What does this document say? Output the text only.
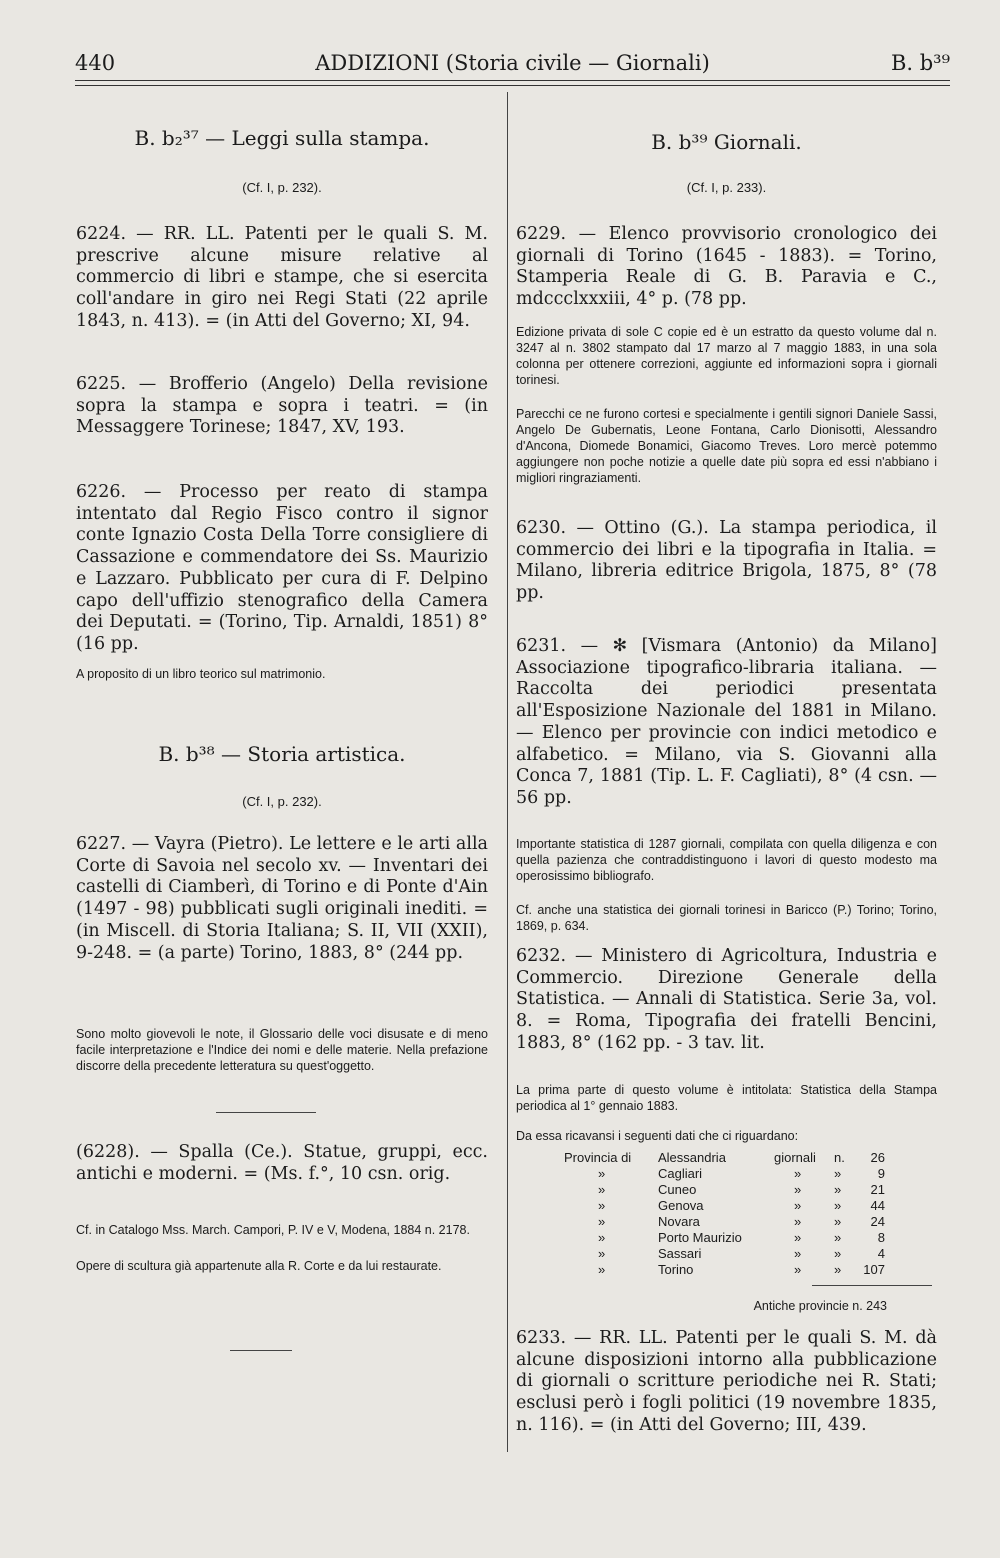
440	ADDIZIONI (Storia civile — Giornali)	B. b³⁹
B. b₂³⁷ — Leggi sulla stampa.
(Cf. I, p. 232).
6224. — RR. LL. Patenti per le quali S. M. prescrive alcune misure relative al commercio di libri e stampe, che si esercita coll'andare in giro nei Regi Stati (22 aprile 1843, n. 413). = (in Atti del Governo; XI, 94.
6225. — Brofferio (Angelo) Della revisione sopra la stampa e sopra i teatri. = (in Messaggere Torinese; 1847, XV, 193.
6226. — Processo per reato di stampa intentato dal Regio Fisco contro il signor conte Ignazio Costa Della Torre consigliere di Cassazione e commendatore dei Ss. Maurizio e Lazzaro. Pubblicato per cura di F. Delpino capo dell'uffizio stenografico della Camera dei Deputati. = (Torino, Tip. Arnaldi, 1851) 8° (16 pp.
A proposito di un libro teorico sul matrimonio.
B. b³⁸ — Storia artistica.
(Cf. I, p. 232).
6227. — Vayra (Pietro). Le lettere e le arti alla Corte di Savoia nel secolo xv. — Inventari dei castelli di Ciamberì, di Torino e di Ponte d'Ain (1497 - 98) pubblicati sugli originali inediti. = (in Miscell. di Storia Italiana; S. II, VII (XXII), 9-248. = (a parte) Torino, 1883, 8° (244 pp.
Sono molto giovevoli le note, il Glossario delle voci disusate e di meno facile interpretazione e l'Indice dei nomi e delle materie. Nella prefazione discorre della precedente letteratura su quest'oggetto.
(6228). — Spalla (Ce.). Statue, gruppi, ecc. antichi e moderni. = (Ms. f.°, 10 csn. orig.
Cf. in Catalogo Mss. March. Campori, P. IV e V, Modena, 1884 n. 2178.
Opere di scultura già appartenute alla R. Corte e da lui restaurate.
B. b³⁹ Giornali.
(Cf. I, p. 233).
6229. — Elenco provvisorio cronologico dei giornali di Torino (1645 - 1883). = Torino, Stamperia Reale di G. B. Paravia e C., mdccclxxxiii, 4° p. (78 pp.
Edizione privata di sole C copie ed è un estratto da questo volume dal n. 3247 al n. 3802 stampato dal 17 marzo al 7 maggio 1883, in una sola colonna per ottenere correzioni, aggiunte ed informazioni sopra i giornali torinesi.
Parecchi ce ne furono cortesi e specialmente i gentili signori Daniele Sassi, Angelo De Gubernatis, Leone Fontana, Carlo Dionisotti, Alessandro d'Ancona, Diomede Bonamici, Giacomo Treves. Loro mercè potemmo aggiungere non poche notizie a quelle date più sopra ed essi n'abbiano i migliori ringraziamenti.
6230. — Ottino (G.). La stampa periodica, il commercio dei libri e la tipografia in Italia. = Milano, libreria editrice Brigola, 1875, 8° (78 pp.
6231. — ✻ [Vismara (Antonio) da Milano] Associazione tipografico-libraria italiana. — Raccolta dei periodici presentata all'Esposizione Nazionale del 1881 in Milano. — Elenco per provincie con indici metodico e alfabetico. = Milano, via S. Giovanni alla Conca 7, 1881 (Tip. L. F. Cagliati), 8° (4 csn. — 56 pp.
Importante statistica di 1287 giornali, compilata con quella diligenza e con quella pazienza che contraddistinguono i lavori di questo modesto ma operosissimo bibliografo.
Cf. anche una statistica dei giornali torinesi in Baricco (P.) Torino; Torino, 1869, p. 634.
6232. — Ministero di Agricoltura, Industria e Commercio. Direzione Generale della Statistica. — Annali di Statistica. Serie 3a, vol. 8. = Roma, Tipografia dei fratelli Bencini, 1883, 8° (162 pp. - 3 tav. lit.
La prima parte di questo volume è intitolata: Statistica della Stampa periodica al 1° gennaio 1883.
Da essa ricavansi i seguenti dati che ci riguardano:
Provincia di Alessandria	giornali n. 26
»	Cagliari	»	»	9
»	Cuneo	»	» 21
»	Genova	»	» 44
»	Novara	»	» 24
»	Porto Maurizio	»	»	8
»	Sassari	»	»	4
»	Torino	»	» 107
Antiche provincie n. 243
6233. — RR. LL. Patenti per le quali S. M. dà alcune disposizioni intorno alla pubblicazione di giornali o scritture periodiche nei R. Stati; esclusi però i fogli politici (19 novembre 1835, n. 116). = (in Atti del Governo; III, 439.
